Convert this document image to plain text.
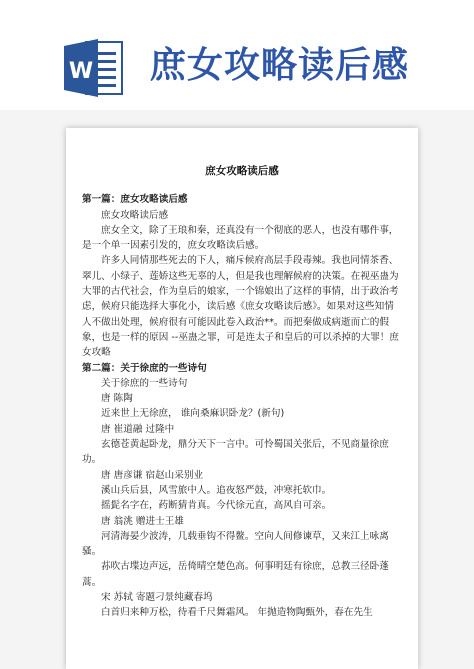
W 庶女攻略读后感
庶女攻略读后感
第一篇：庶女攻略读后感
庶女攻略读后感
庶女全文，除了王琅和秦，还真没有一个彻底的恶人，也没有哪件事，是一个单一因素引发的，庶女攻略读后感。
许多人同情那些死去的下人，痛斥候府高层手段毒辣。我也同情茶香、翠儿、小绿子、莲娇这些无辜的人，但是我也理解候府的决策。在视巫蛊为大罪的古代社会，作为皇后的娘家，一个锦娘出了这样的事情，出于政治考虑，候府只能选择大事化小，读后感《庶女攻略读后感》。如果对这些知情人不做出处理，候府很有可能因此卷入政治**。而把秦做成病逝而亡的假象，也是一样的原因 --巫蛊之罪，可是连太子和皇后的可以杀掉的大罪！庶女攻略
第二篇：关于徐庶的一些诗句
关于徐庶的一些诗句
唐 陈陶
近来世上无徐庶， 谁向桑麻识卧龙？(新句)
唐 崔道融 过隆中
玄德苍黄起卧龙，鼎分天下一言中。可怜蜀国关张后，不见商量徐庶功。
唐 唐彦谦 宿赵山采别业
溪山兵后县，风雪旅中人。追夜怒严鼓，冲寒托软巾。
摇髭名字在，药断猜肯真。今代徐元直，高风自可亲。
唐 翁洮 赠进士王雄
河清海晏少波涛，几载垂钩不得鳌。空向人间修谏草，又来江上咏离骚。
荪吹古堞边声远，岳倚晴空楚色高。何事明廷有徐庶，总教三径卧蓬蒿。
宋 苏轼 寄题刁景纯藏春坞
白首归来种万松，待看千尺舞霜风。 年抛造物陶甄外，春在先生
